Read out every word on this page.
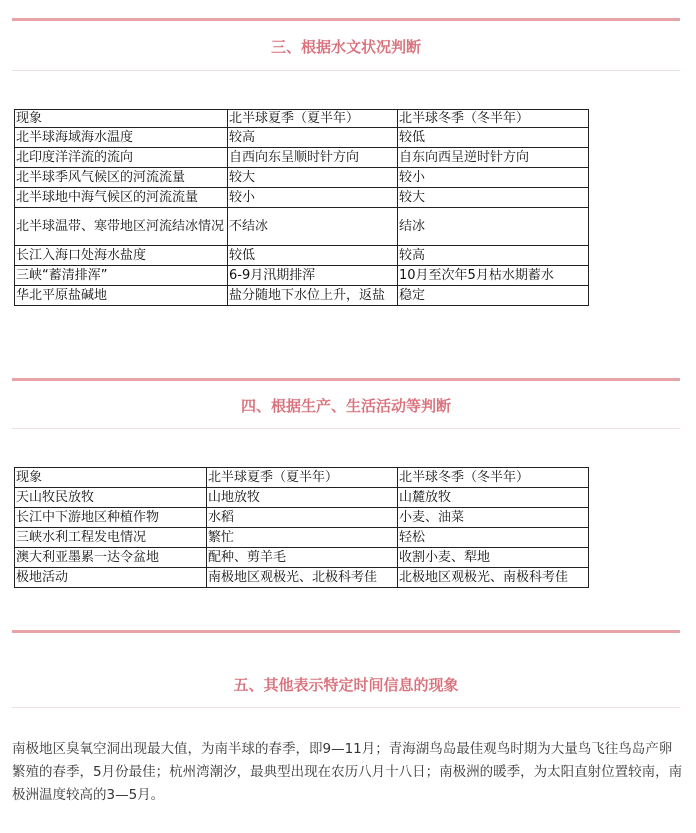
三、根据水文状况判断
现象	北半球夏季（夏半年）	北半球冬季（冬半年）
北半球海域海水温度	较高	较低
北印度洋洋流的流向	自西向东呈顺时针方向	自东向西呈逆时针方向
北半球季风气候区的河流流量	较大	较小
北半球地中海气候区的河流流量	较小	较大
北半球温带、寒带地区河流结冰情况	不结冰	结冰
长江入海口处海水盐度	较低	较高
三峡“蓄清排浑”	6-9月汛期排浑	10月至次年5月枯水期蓄水
华北平原盐碱地	盐分随地下水位上升，返盐	稳定
四、根据生产、生活活动等判断
现象	北半球夏季（夏半年）	北半球冬季（冬半年）
天山牧民放牧	山地放牧	山麓放牧
长江中下游地区种植作物	水稻	小麦、油菜
三峡水利工程发电情况	繁忙	轻松
澳大利亚墨累一达令盆地	配种、剪羊毛	收割小麦、犁地
极地活动	南极地区观极光、北极科考佳	北极地区观极光、南极科考佳
五、其他表示特定时间信息的现象
南极地区臭氧空洞出现最大值，为南半球的春季，即9—11月；青海湖鸟岛最佳观鸟时期为大量鸟飞往鸟岛产卵繁殖的春季，5月份最佳；杭州湾潮汐，最典型出现在农历八月十八日；南极洲的暖季，为太阳直射位置较南，南极洲温度较高的3—5月。
